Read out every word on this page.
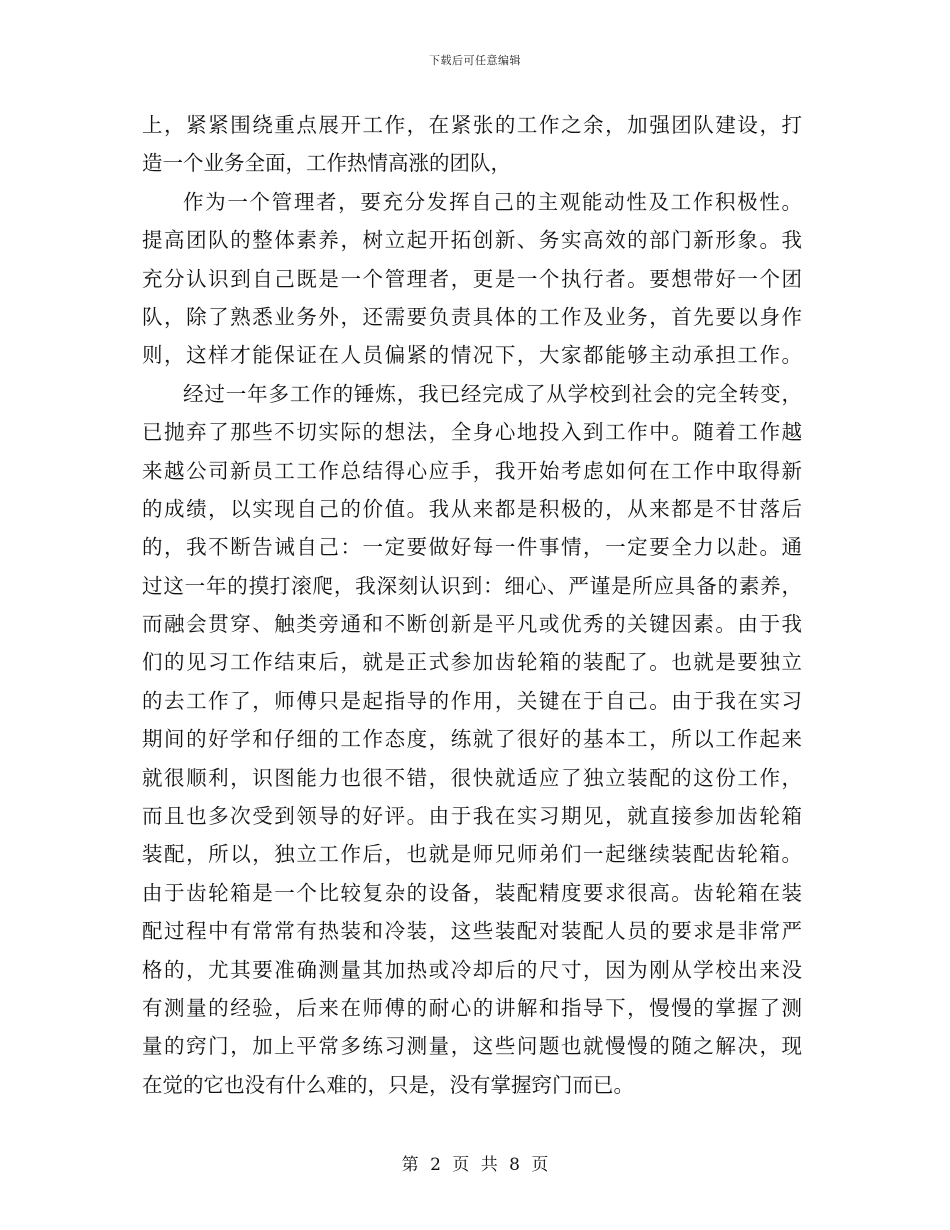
下载后可任意编辑
上，紧紧围绕重点展开工作，在紧张的工作之余，加强团队建设，打
造一个业务全面，工作热情高涨的团队，
作为一个管理者，要充分发挥自己的主观能动性及工作积极性。
提高团队的整体素养，树立起开拓创新、务实高效的部门新形象。我
充分认识到自己既是一个管理者，更是一个执行者。要想带好一个团
队，除了熟悉业务外，还需要负责具体的工作及业务，首先要以身作
则，这样才能保证在人员偏紧的情况下，大家都能够主动承担工作。
经过一年多工作的锤炼，我已经完成了从学校到社会的完全转变，
已抛弃了那些不切实际的想法，全身心地投入到工作中。随着工作越
来越公司新员工工作总结得心应手，我开始考虑如何在工作中取得新
的成绩，以实现自己的价值。我从来都是积极的，从来都是不甘落后
的，我不断告诫自己：一定要做好每一件事情，一定要全力以赴。通
过这一年的摸打滚爬，我深刻认识到：细心、严谨是所应具备的素养，
而融会贯穿、触类旁通和不断创新是平凡或优秀的关键因素。由于我
们的见习工作结束后，就是正式参加齿轮箱的装配了。也就是要独立
的去工作了，师傅只是起指导的作用，关键在于自己。由于我在实习
期间的好学和仔细的工作态度，练就了很好的基本工，所以工作起来
就很顺利，识图能力也很不错，很快就适应了独立装配的这份工作，
而且也多次受到领导的好评。由于我在实习期见，就直接参加齿轮箱
装配，所以，独立工作后，也就是师兄师弟们一起继续装配齿轮箱。
由于齿轮箱是一个比较复杂的设备，装配精度要求很高。齿轮箱在装
配过程中有常常有热装和冷装，这些装配对装配人员的要求是非常严
格的，尤其要准确测量其加热或冷却后的尺寸，因为刚从学校出来没
有测量的经验，后来在师傅的耐心的讲解和指导下，慢慢的掌握了测
量的窍门，加上平常多练习测量，这些问题也就慢慢的随之解决，现
在觉的它也没有什么难的，只是，没有掌握窍门而已。
第 2 页 共 8 页
